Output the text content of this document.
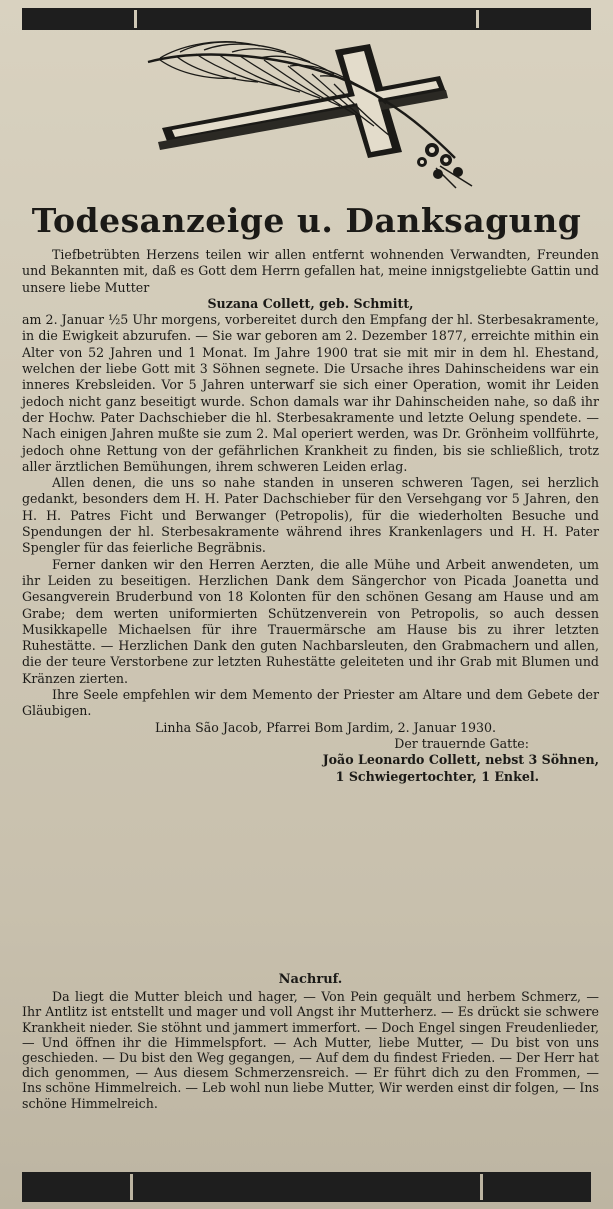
Todesanzeige u. Danksagung

Tiefbetrübten Herzens teilen wir allen entfernt wohnenden Verwandten, Freunden und Bekannten mit, daß es Gott dem Herrn gefallen hat, meine innigstgeliebte Gattin und unsere liebe Mutter

Suzana Collett, geb. Schmitt,

am 2. Januar ½5 Uhr morgens, vorbereitet durch den Empfang der hl. Sterbesakramente, in die Ewigkeit abzurufen. — Sie war geboren am 2. Dezember 1877, erreichte mithin ein Alter von 52 Jahren und 1 Monat. Im Jahre 1900 trat sie mit mir in dem hl. Ehestand, welchen der liebe Gott mit 3 Söhnen segnete. Die Ursache ihres Dahinscheidens war ein inneres Krebsleiden. Vor 5 Jahren unterwarf sie sich einer Operation, womit ihr Leiden jedoch nicht ganz beseitigt wurde. Schon damals war ihr Dahinscheiden nahe, so daß ihr der Hochw. Pater Dachschieber die hl. Sterbesakramente und letzte Oelung spendete. — Nach einigen Jahren mußte sie zum 2. Mal operiert werden, was Dr. Grönheim vollführte, jedoch ohne Rettung von der gefährlichen Krankheit zu finden, bis sie schließlich, trotz aller ärztlichen Bemühungen, ihrem schweren Leiden erlag.

Allen denen, die uns so nahe standen in unseren schweren Tagen, sei herzlich gedankt, besonders dem H. H. Pater Dachschieber für den Versehgang vor 5 Jahren, den H. H. Patres Ficht und Berwanger (Petropolis), für die wiederholten Besuche und Spendungen der hl. Sterbesakramente während ihres Krankenlagers und H. H. Pater Spengler für das feierliche Begräbnis.

Ferner danken wir den Herren Aerzten, die alle Mühe und Arbeit anwendeten, um ihr Leiden zu beseitigen. Herzlichen Dank dem Sängerchor von Picada Joanetta und Gesangverein Bruderbund von 18 Kolonten für den schönen Gesang am Hause und am Grabe; dem werten uniformierten Schützenverein von Petropolis, so auch dessen Musikkapelle Michaelsen für ihre Trauermärsche am Hause bis zu ihrer letzten Ruhestätte. — Herzlichen Dank den guten Nachbarsleuten, den Grabmachern und allen, die der teure Verstorbene zur letzten Ruhestätte geleiteten und ihr Grab mit Blumen und Kränzen zierten.

Ihre Seele empfehlen wir dem Memento der Priester am Altare und dem Gebete der Gläubigen.

Linha São Jacob, Pfarrei Bom Jardim, 2. Januar 1930.

Der trauernde Gatte:

João Leonardo Collett, nebst 3 Söhnen,

1 Schwiegertochter, 1 Enkel.

Nachruf.

Da liegt die Mutter bleich und hager, — Von Pein gequält und herbem Schmerz, — Ihr Antlitz ist entstellt und mager und voll Angst ihr Mutterherz. — Es drückt sie schwere Krankheit nieder. Sie stöhnt und jammert immerfort. — Doch Engel singen Freudenlieder, — Und öffnen ihr die Himmelspfort. — Ach Mutter, liebe Mutter, — Du bist von uns geschieden. — Du bist den Weg gegangen, — Auf dem du findest Frieden. — Der Herr hat dich genommen, — Aus diesem Schmerzensreich. — Er führt dich zu den Frommen, — Ins schöne Himmelreich. — Leb wohl nun liebe Mutter, Wir werden einst dir folgen, — Ins schöne Himmelreich.
